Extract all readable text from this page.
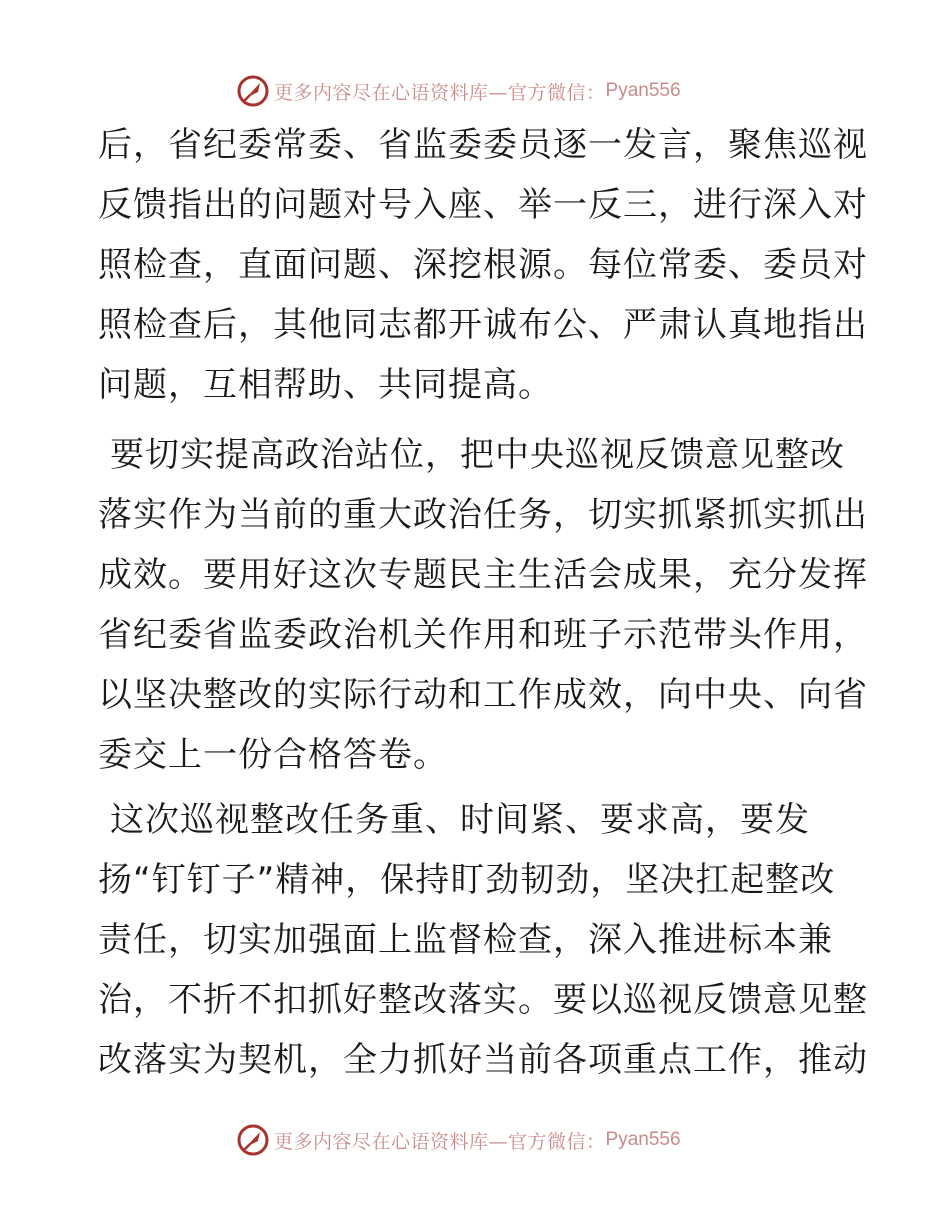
更多内容尽在心语资料库—官方微信： Pyan556
后，省纪委常委、省监委委员逐一发言，聚焦巡视
反馈指出的问题对号入座、举一反三，进行深入对
照检查，直面问题、深挖根源。每位常委、委员对
照检查后，其他同志都开诚布公、严肃认真地指出
问题，互相帮助、共同提高。
要切实提高政治站位，把中央巡视反馈意见整改
落实作为当前的重大政治任务，切实抓紧抓实抓出
成效。要用好这次专题民主生活会成果，充分发挥
省纪委省监委政治机关作用和班子示范带头作用，
以坚决整改的实际行动和工作成效，向中央、向省
委交上一份合格答卷。
这次巡视整改任务重、时间紧、要求高，要发
扬“钉钉子”精神，保持盯劲韧劲，坚决扛起整改
责任，切实加强面上监督检查，深入推进标本兼
治，不折不扣抓好整改落实。要以巡视反馈意见整
改落实为契机，全力抓好当前各项重点工作，推动
更多内容尽在心语资料库—官方微信： Pyan556
